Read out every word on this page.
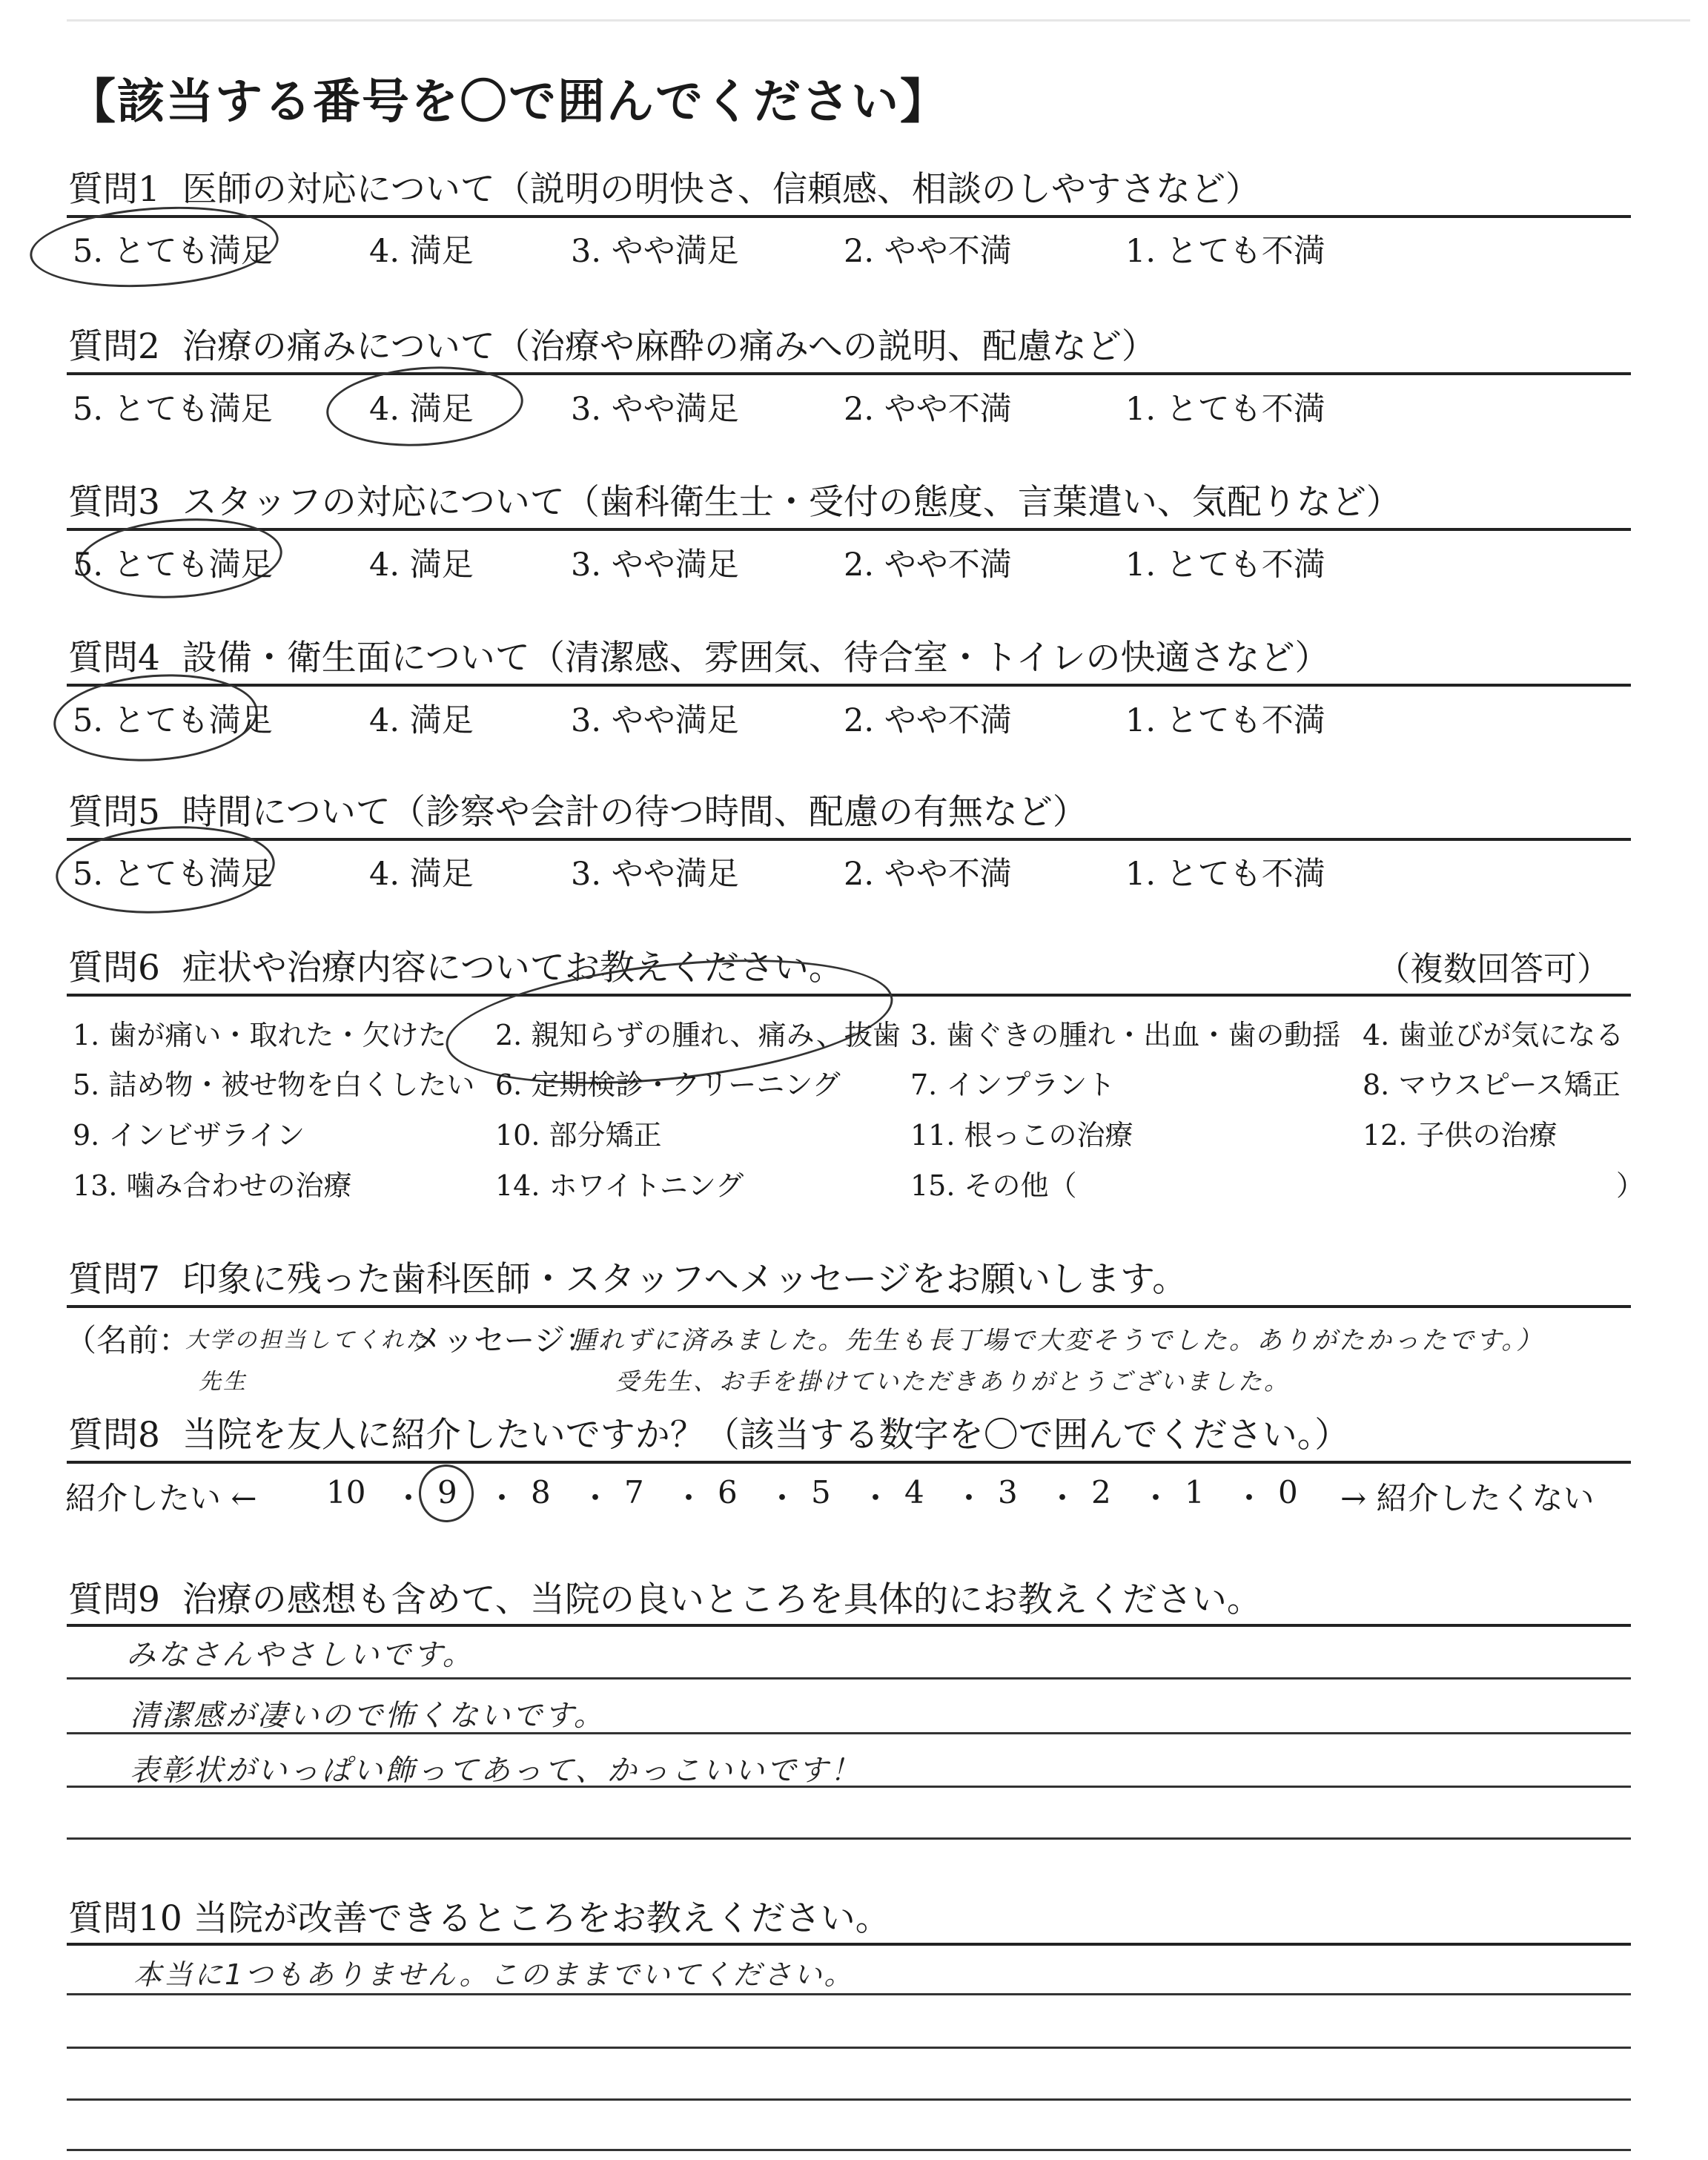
【該当する番号を〇で囲んでください】
質問1 医師の対応について（説明の明快さ、信頼感、相談のしやすさなど）
5. とても満足	4. 満足	3. やや満足	2. やや不満	1. とても不満
質問2 治療の痛みについて（治療や麻酔の痛みへの説明、配慮など）
5. とても満足	4. 満足	3. やや満足	2. やや不満	1. とても不満
質問3 スタッフの対応について（歯科衛生士・受付の態度、言葉遣い、気配りなど）
5. とても満足	4. 満足	3. やや満足	2. やや不満	1. とても不満
質問4 設備・衛生面について（清潔感、雰囲気、待合室・トイレの快適さなど）
5. とても満足	4. 満足	3. やや満足	2. やや不満	1. とても不満
質問5 時間について（診察や会計の待つ時間、配慮の有無など）
5. とても満足	4. 満足	3. やや満足	2. やや不満	1. とても不満
質問6 症状や治療内容についてお教えください。	（複数回答可）
1. 歯が痛い・取れた・欠けた 2. 親知らずの腫れ、痛み、抜歯 3. 歯ぐきの腫れ・出血・歯の動揺 4. 歯並びが気になる
5. 詰め物・被せ物を白くしたい 6. 定期検診・クリーニング 7. インプラント	8. マウスピース矯正
9. インビザライン	10. 部分矯正	11. 根っこの治療	12. 子供の治療
13. 噛み合わせの治療	14. ホワイトニング	15. その他（	）
質問7 印象に残った歯科医師・スタッフへメッセージをお願いします。
（名前：
大学の担当してくれた
先生
メッセージ：
腫れずに済みました。先生も長丁場で大変そうでした。ありがたかったです。）
受先生、お手を掛けていただきありがとうございました。
質問8 当院を友人に紹介したいですか？（該当する数字を〇で囲んでください。）
紹介したい ← 10 ・ 9 ・ 8 ・ 7 ・ 6 ・ 5 ・ 4 ・ 3 ・ 2 ・ 1 ・ 0 → 紹介したくない
質問9 治療の感想も含めて、当院の良いところを具体的にお教えください。
みなさんやさしいです。
清潔感が凄いので怖くないです。
表彰状がいっぱい飾ってあって、かっこいいです！
質問10 当院が改善できるところをお教えください。
本当に1つもありません。このままでいてください。
